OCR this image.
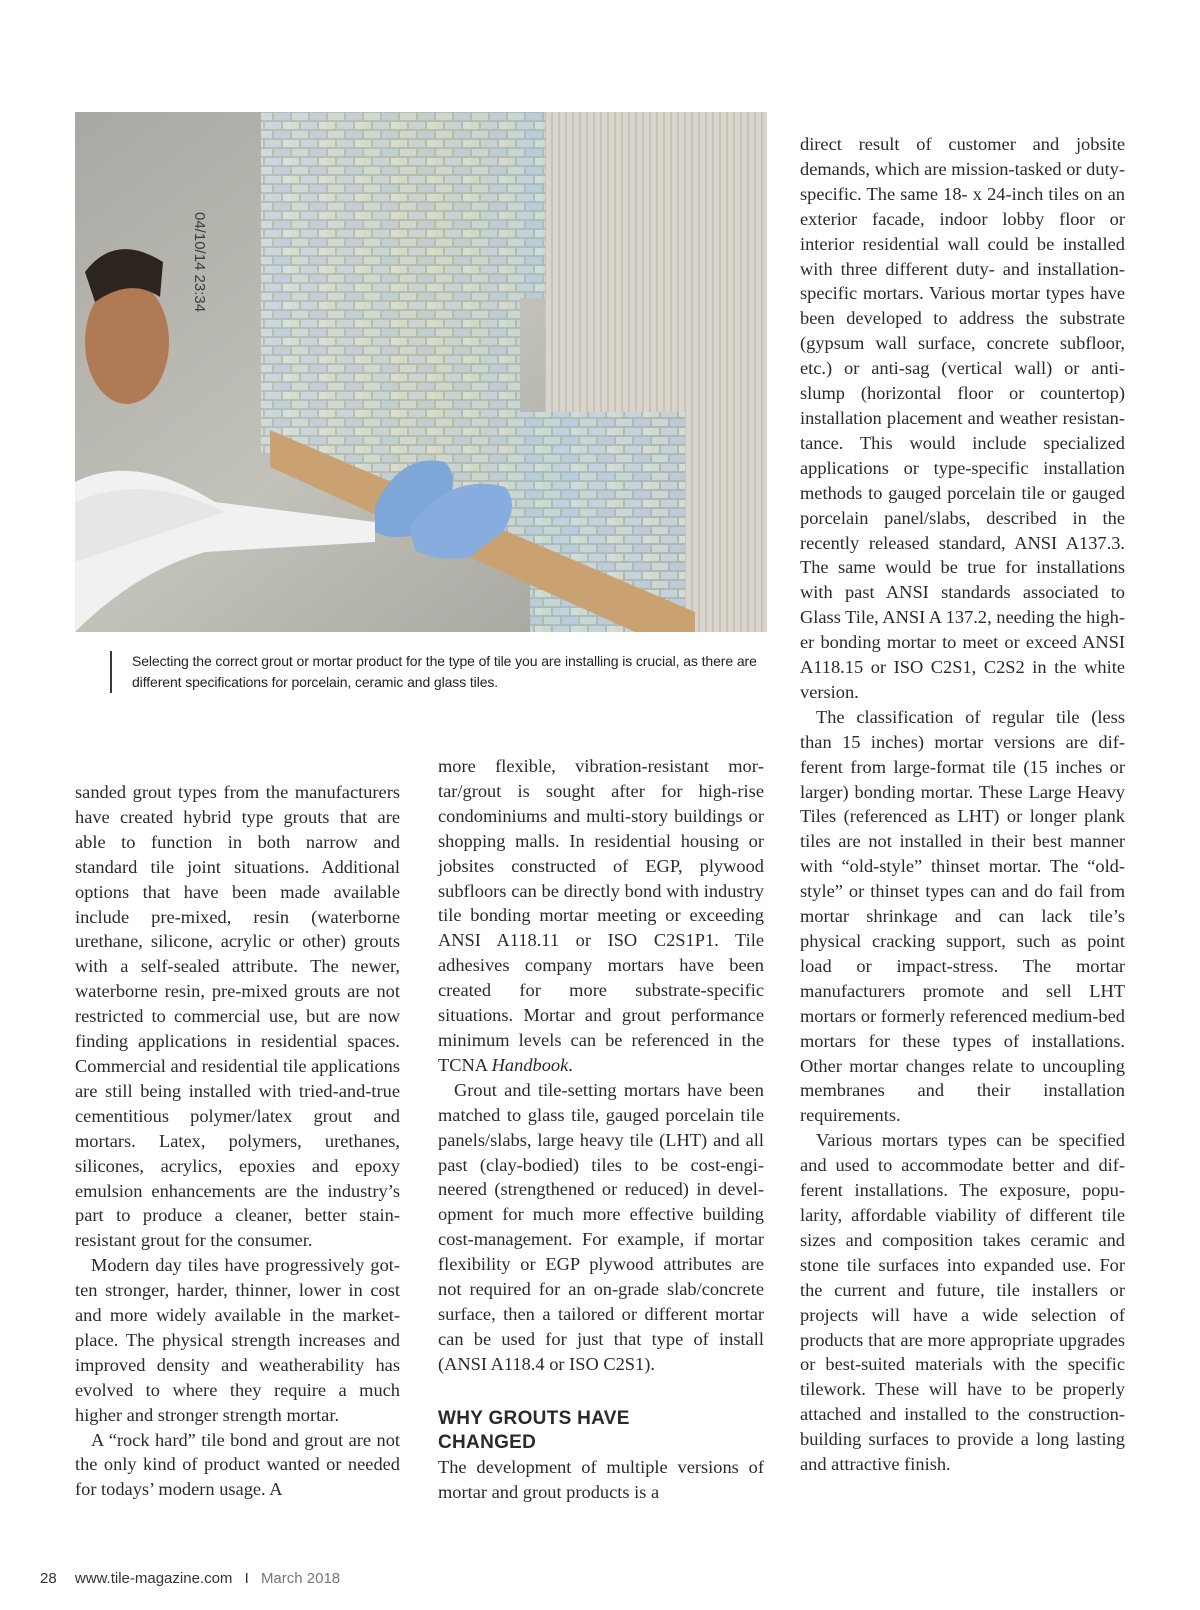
04/10/14 23:34
Selecting the correct grout or mortar product for the type of tile you are installing is crucial, as there are different specifications for porcelain, ceramic and glass tiles.

sanded grout types from the manufacturers have created hybrid type grouts that are able to function in both narrow and standard tile joint situations. Additional options that have been made available include pre-mixed, resin (waterborne urethane, silicone, acrylic or other) grouts with a self-sealed attribute. The newer, waterborne resin, pre-mixed grouts are not restricted to commercial use, but are now finding applications in residential spaces. Commercial and residential tile applications are still being installed with tried-and-true cementitious polymer/latex grout and mortars. Latex, polymers, urethanes, silicones, acrylics, epoxies and epoxy emulsion enhancements are the industry’s part to produce a cleaner, better stain-resistant grout for the consumer.

Modern day tiles have progressively gotten stronger, harder, thinner, lower in cost and more widely available in the marketplace. The physical strength increases and improved density and weatherability has evolved to where they require a much higher and stronger strength mortar.

A “rock hard” tile bond and grout are not the only kind of product wanted or needed for todays’ modern usage. A

more flexible, vibration-resistant mortar/grout is sought after for high-rise condominiums and multi-story buildings or shopping malls. In residential housing or jobsites constructed of EGP, plywood subfloors can be directly bond with industry tile bonding mortar meeting or exceeding ANSI A118.11 or ISO C2S1P1. Tile adhesives company mortars have been created for more substrate-specific situations. Mortar and grout performance minimum levels can be referenced in the TCNA Handbook.

Grout and tile-setting mortars have been matched to glass tile, gauged porcelain tile panels/slabs, large heavy tile (LHT) and all past (clay-bodied) tiles to be cost-engineered (strengthened or reduced) in development for much more effective building cost-management. For example, if mortar flexibility or EGP plywood attributes are not required for an on-grade slab/concrete surface, then a tailored or different mortar can be used for just that type of install (ANSI A118.4 or ISO C2S1).

WHY GROUTS HAVE
CHANGED

The development of multiple versions of mortar and grout products is a

direct result of customer and jobsite demands, which are mission-tasked or duty-specific. The same 18- x 24-inch tiles on an exterior facade, indoor lobby floor or interior residential wall could be installed with three different duty- and installation-specific mortars. Various mortar types have been developed to address the substrate (gypsum wall surface, concrete subfloor, etc.) or anti-sag (vertical wall) or anti-slump (horizontal floor or countertop) installation placement and weather resistantance. This would include specialized applications or type-specific installation methods to gauged porcelain tile or gauged porcelain panel/slabs, described in the recently released standard, ANSI A137.3. The same would be true for installations with past ANSI standards associated to Glass Tile, ANSI A 137.2, needing the higher bonding mortar to meet or exceed ANSI A118.15 or ISO C2S1, C2S2 in the white version.

The classification of regular tile (less than 15 inches) mortar versions are different from large-format tile (15 inches or larger) bonding mortar. These Large Heavy Tiles (referenced as LHT) or longer plank tiles are not installed in their best manner with “old-style” thinset mortar. The “old-style” or thinset types can and do fail from mortar shrinkage and can lack tile’s physical cracking support, such as point load or impact-stress. The mortar manufacturers promote and sell LHT mortars or formerly referenced medium-bed mortars for these types of installations. Other mortar changes relate to uncoupling membranes and their installation requirements.

Various mortars types can be specified and used to accommodate better and different installations. The exposure, popularity, affordable viability of different tile sizes and composition takes ceramic and stone tile surfaces into expanded use. For the current and future, tile installers or projects will have a wide selection of products that are more appropriate upgrades or best-suited materials with the specific tilework. These will have to be properly attached and installed to the construction-building surfaces to provide a long lasting and attractive finish.

28 www.tile-magazine.com I March 2018
